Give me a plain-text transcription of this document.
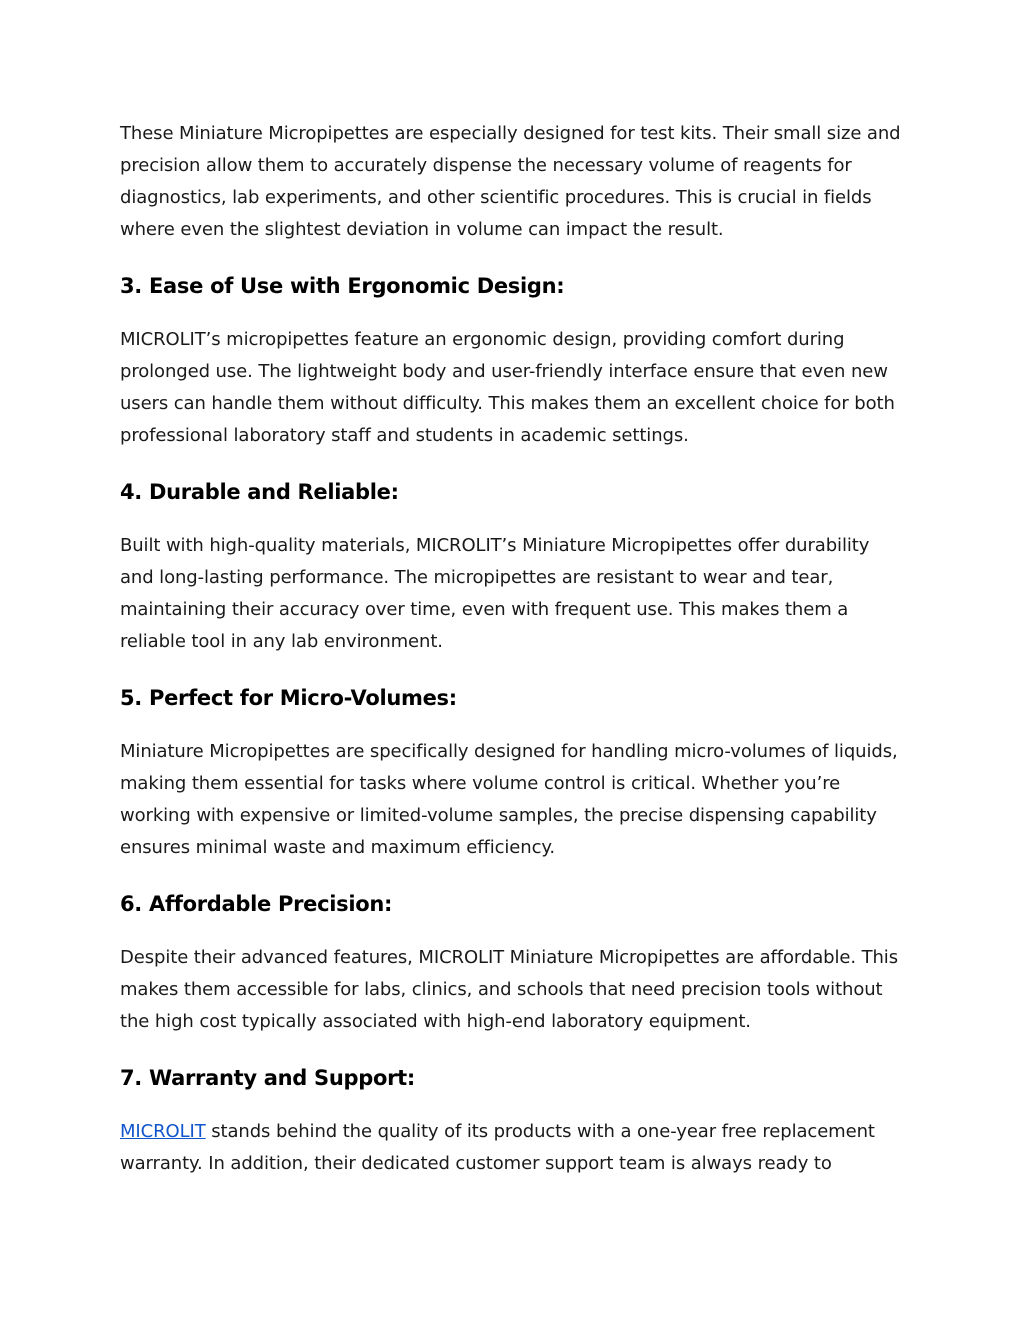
These Miniature Micropipettes are especially designed for test kits. Their small size and precision allow them to accurately dispense the necessary volume of reagents for diagnostics, lab experiments, and other scientific procedures. This is crucial in fields where even the slightest deviation in volume can impact the result.

3. Ease of Use with Ergonomic Design:

MICROLIT’s micropipettes feature an ergonomic design, providing comfort during prolonged use. The lightweight body and user-friendly interface ensure that even new users can handle them without difficulty. This makes them an excellent choice for both professional laboratory staff and students in academic settings.

4. Durable and Reliable:

Built with high-quality materials, MICROLIT’s Miniature Micropipettes offer durability and long-lasting performance. The micropipettes are resistant to wear and tear, maintaining their accuracy over time, even with frequent use. This makes them a reliable tool in any lab environment.

5. Perfect for Micro-Volumes:

Miniature Micropipettes are specifically designed for handling micro-volumes of liquids, making them essential for tasks where volume control is critical. Whether you’re working with expensive or limited-volume samples, the precise dispensing capability ensures minimal waste and maximum efficiency.

6. Affordable Precision:

Despite their advanced features, MICROLIT Miniature Micropipettes are affordable. This makes them accessible for labs, clinics, and schools that need precision tools without the high cost typically associated with high-end laboratory equipment.

7. Warranty and Support:

MICROLIT stands behind the quality of its products with a one-year free replacement warranty. In addition, their dedicated customer support team is always ready to
